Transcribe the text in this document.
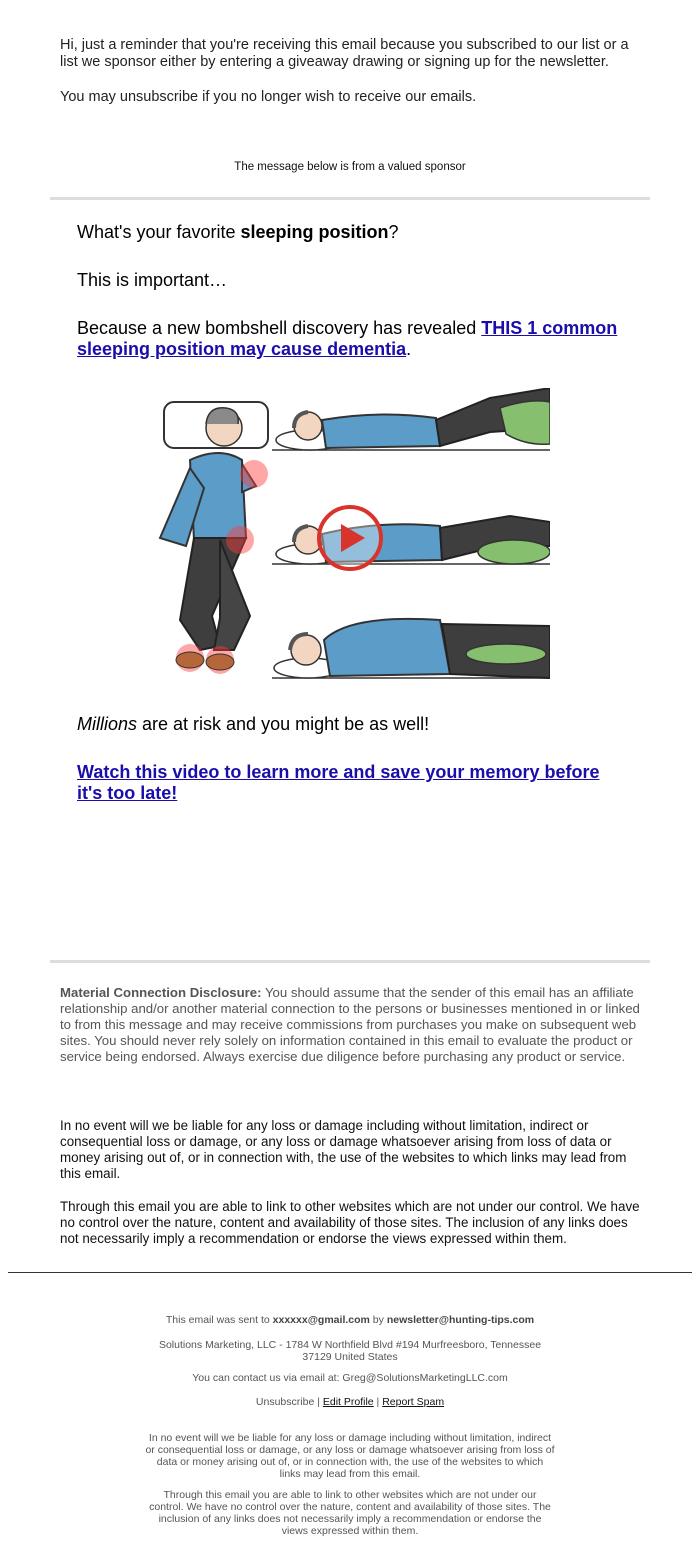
Hi, just a reminder that you're receiving this email because you subscribed to our list or a list we sponsor either by entering a giveaway drawing or signing up for the newsletter.

You may unsubscribe if you no longer wish to receive our emails.

The message below is from a valued sponsor
What's your favorite sleeping position?
This is important…
Because a new bombshell discovery has revealed THIS 1 common sleeping position may cause dementia.
Millions are at risk and you might be as well!
Watch this video to learn more and save your memory before it's too late!
Material Connection Disclosure: You should assume that the sender of this email has an affiliate relationship and/or another material connection to the persons or businesses mentioned in or linked to from this message and may receive commissions from purchases you make on subsequent web sites. You should never rely solely on information contained in this email to evaluate the product or service being endorsed. Always exercise due diligence before purchasing any product or service.
In no event will we be liable for any loss or damage including without limitation, indirect or consequential loss or damage, or any loss or damage whatsoever arising from loss of data or money arising out of, or in connection with, the use of the websites to which links may lead from this email.
Through this email you are able to link to other websites which are not under our control. We have no control over the nature, content and availability of those sites. The inclusion of any links does not necessarily imply a recommendation or endorse the views expressed within them.
This email was sent to xxxxxx@gmail.com by newsletter@hunting-tips.com
Solutions Marketing, LLC - 1784 W Northfield Blvd #194 Murfreesboro, Tennessee 37129 United States
You can contact us via email at: Greg@SolutionsMarketingLLC.com
Unsubscribe | Edit Profile | Report Spam
In no event will we be liable for any loss or damage including without limitation, indirect or consequential loss or damage, or any loss or damage whatsoever arising from loss of data or money arising out of, or in connection with, the use of the websites to which links may lead from this email.
Through this email you are able to link to other websites which are not under our control. We have no control over the nature, content and availability of those sites. The inclusion of any links does not necessarily imply a recommendation or endorse the views expressed within them.
